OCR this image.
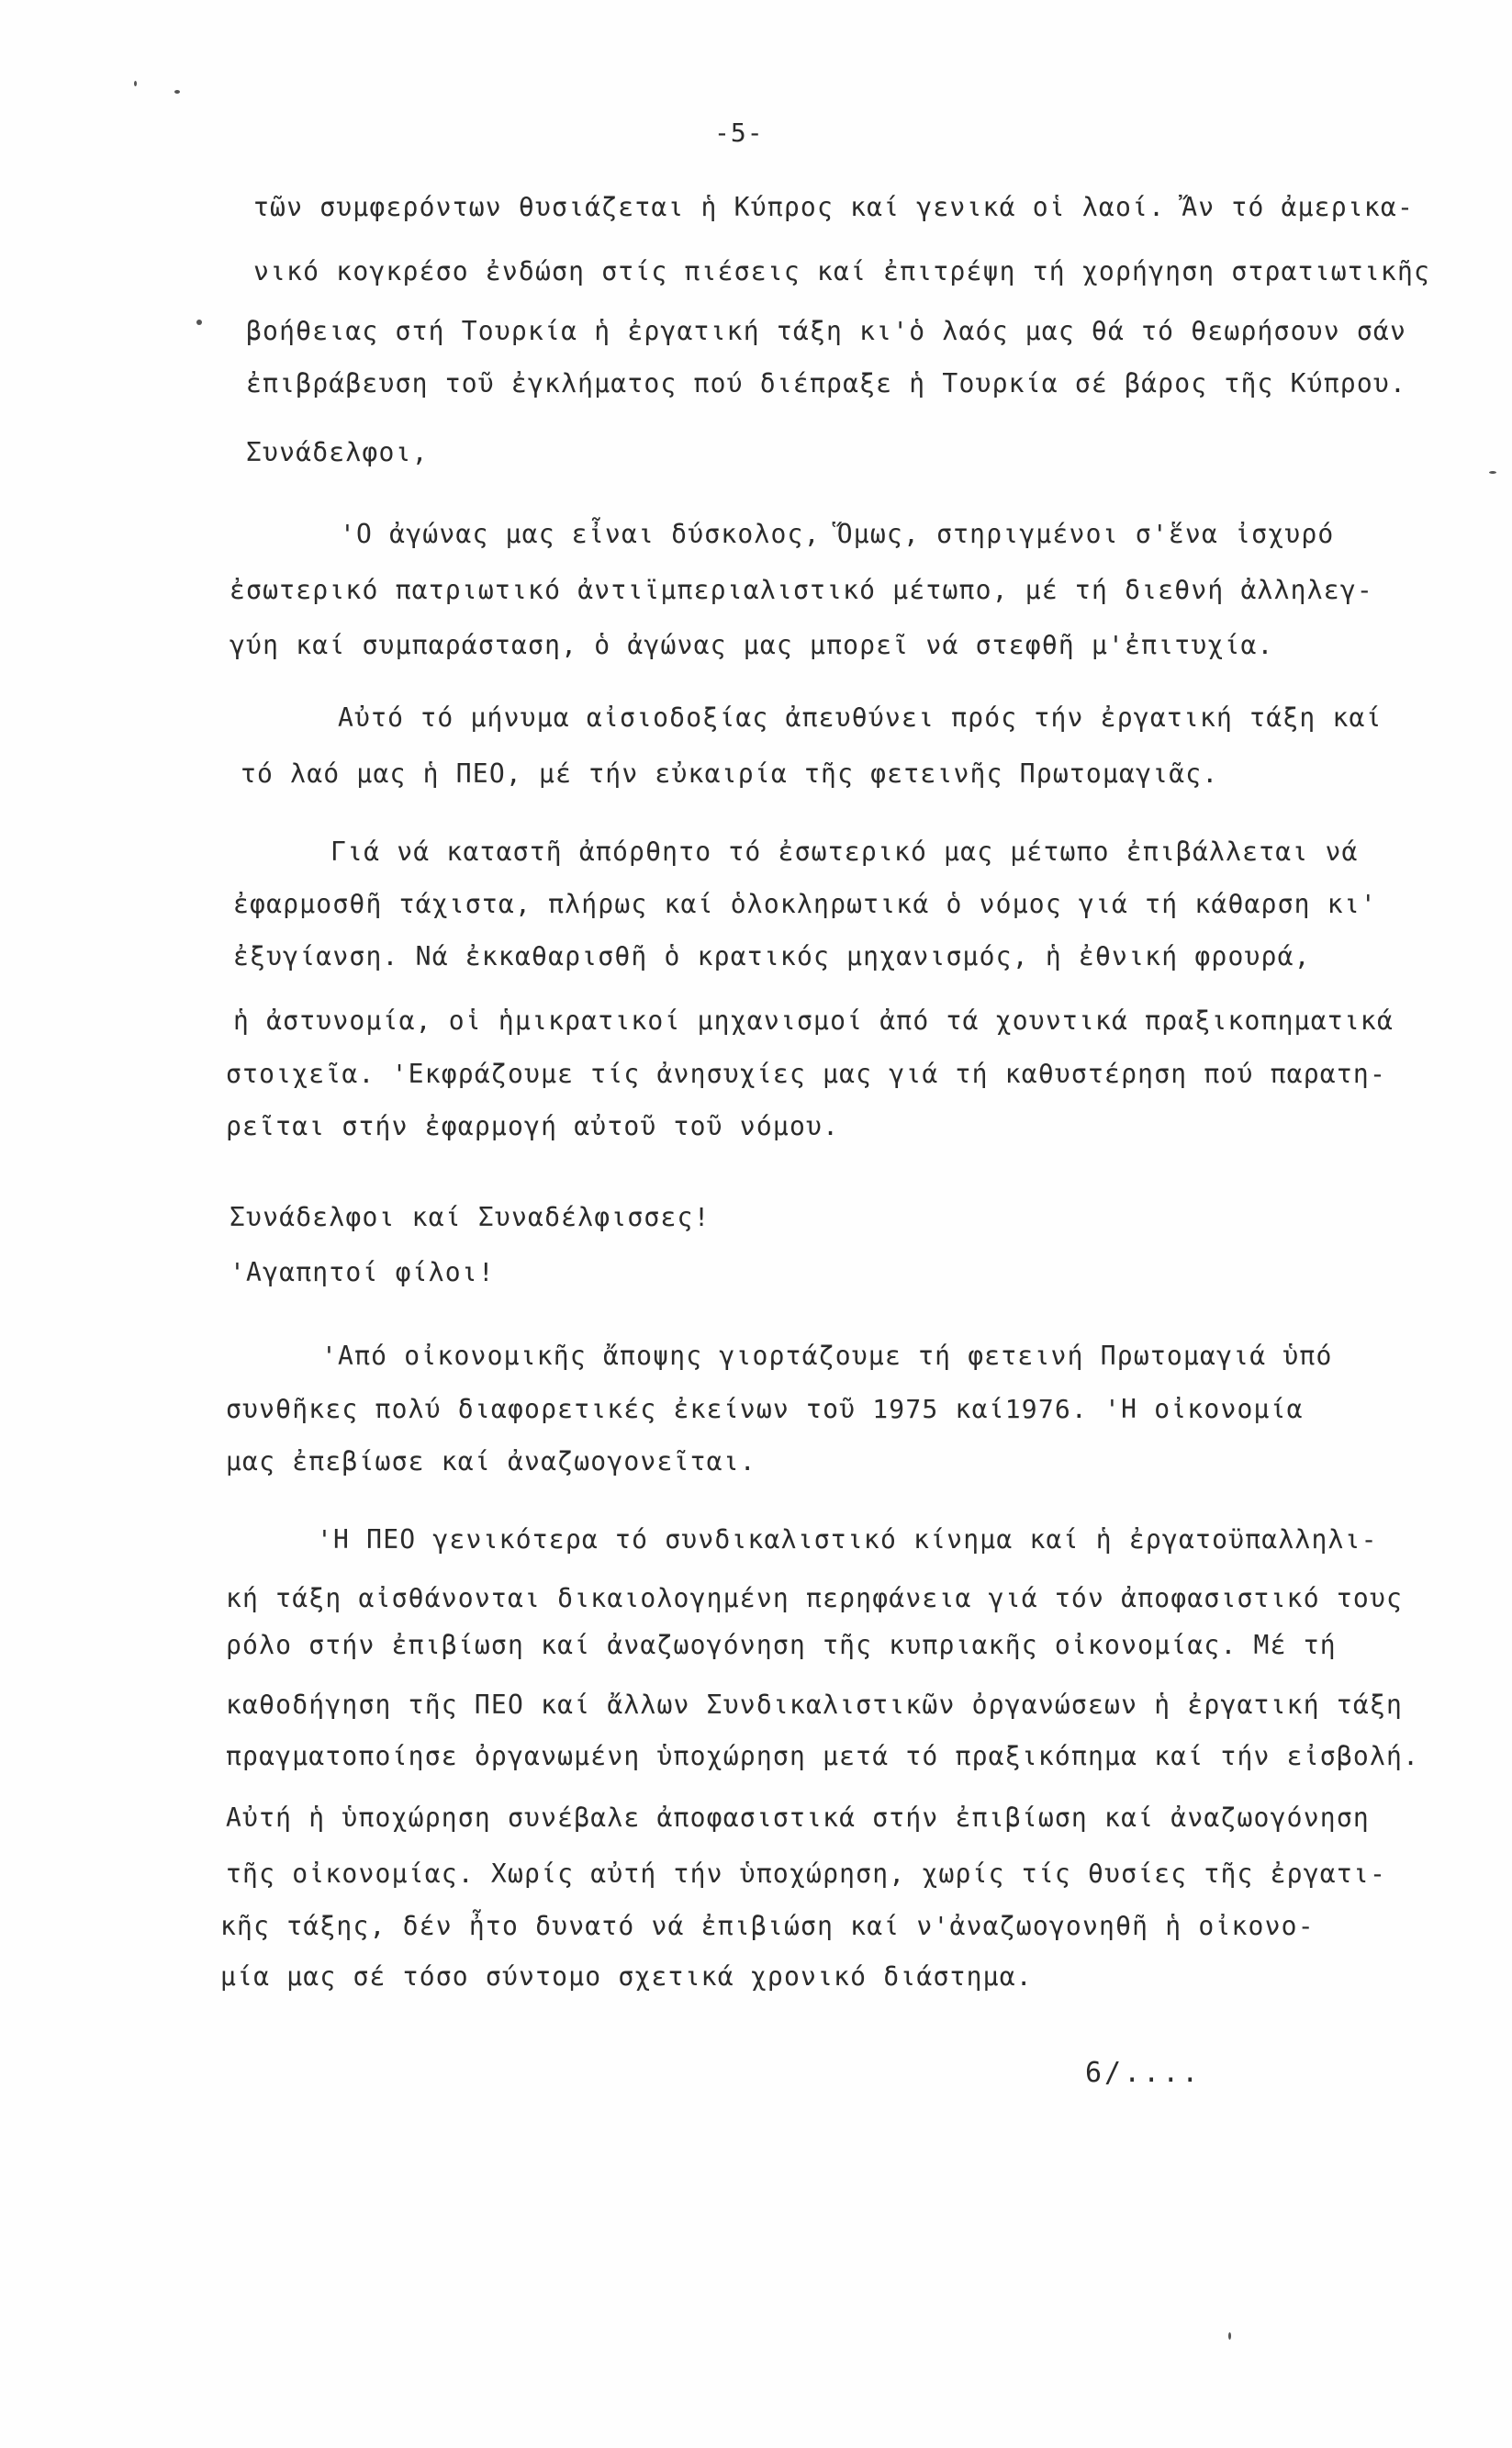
-5-
τῶν συμφερόντων θυσιάζεται ἡ Κύπρος καί γενικά οἱ λαοί. Ἄν τό ἀμερικα-
νικό κογκρέσο ἐνδώση στίς πιέσεις καί ἐπιτρέψη τή χορήγηση στρατιωτικῆς
βοήθειας στή Τουρκία ἡ ἐργατική τάξη κι'ὁ λαός μας θά τό θεωρήσουν σάν
ἐπιβράβευση τοῦ ἐγκλήματος πού διέπραξε ἡ Τουρκία σέ βάρος τῆς Κύπρου.
Συνάδελφοι,
'Ο ἀγώνας μας εἶναι δύσκολος, Ὅμως, στηριγμένοι σ'ἕνα ἰσχυρό
ἐσωτερικό πατριωτικό ἀντιϊμπεριαλιστικό μέτωπο, μέ τή διεθνή ἀλληλεγ-
γύη καί συμπαράσταση, ὁ ἀγώνας μας μπορεῖ νά στεφθῆ μ'ἐπιτυχία.
Αὐτό τό μήνυμα αἰσιοδοξίας ἀπευθύνει πρός τήν ἐργατική τάξη καί
τό λαό μας ἡ ΠΕΟ, μέ τήν εὐκαιρία τῆς φετεινῆς Πρωτομαγιᾶς.
Γιά νά καταστῆ ἀπόρθητο τό ἐσωτερικό μας μέτωπο ἐπιβάλλεται νά
ἐφαρμοσθῆ τάχιστα, πλήρως καί ὁλοκληρωτικά ὁ νόμος γιά τή κάθαρση κι'
ἐξυγίανση. Νά ἐκκαθαρισθῆ ὁ κρατικός μηχανισμός, ἡ ἐθνική φρουρά,
ἡ ἀστυνομία, οἱ ἡμικρατικοί μηχανισμοί ἀπό τά χουντικά πραξικοπηματικά
στοιχεῖα. 'Εκφράζουμε τίς ἀνησυχίες μας γιά τή καθυστέρηση πού παρατη-
ρεῖται στήν ἐφαρμογή αὐτοῦ τοῦ νόμου.
Συνάδελφοι καί Συναδέλφισσες!
'Αγαπητοί φίλοι!
'Από οἰκονομικῆς ἄποψης γιορτάζουμε τή φετεινή Πρωτομαγιά ὑπό
συνθῆκες πολύ διαφορετικές ἐκείνων τοῦ 1975 καί1976. 'Η οἰκονομία
μας ἐπεβίωσε καί ἀναζωογονεῖται.
'Η ΠΕΟ γενικότερα τό συνδικαλιστικό κίνημα καί ἡ ἐργατοϋπαλληλι-
κή τάξη αἰσθάνονται δικαιολογημένη περηφάνεια γιά τόν ἀποφασιστικό τους
ρόλο στήν ἐπιβίωση καί ἀναζωογόνηση τῆς κυπριακῆς οἰκονομίας. Μέ τή
καθοδήγηση τῆς ΠΕΟ καί ἄλλων Συνδικαλιστικῶν ὀργανώσεων ἡ ἐργατική τάξη
πραγματοποίησε ὀργανωμένη ὑποχώρηση μετά τό πραξικόπημα καί τήν εἰσβολή.
Αὐτή ἡ ὑποχώρηση συνέβαλε ἀποφασιστικά στήν ἐπιβίωση καί ἀναζωογόνηση
τῆς οἰκονομίας. Χωρίς αὐτή τήν ὑποχώρηση, χωρίς τίς θυσίες τῆς ἐργατι-
κῆς τάξης, δέν ἦτο δυνατό νά ἐπιβιώση καί ν'ἀναζωογονηθῆ ἡ οἰκονο-
μία μας σέ τόσο σύντομο σχετικά χρονικό διάστημα.
6/....
